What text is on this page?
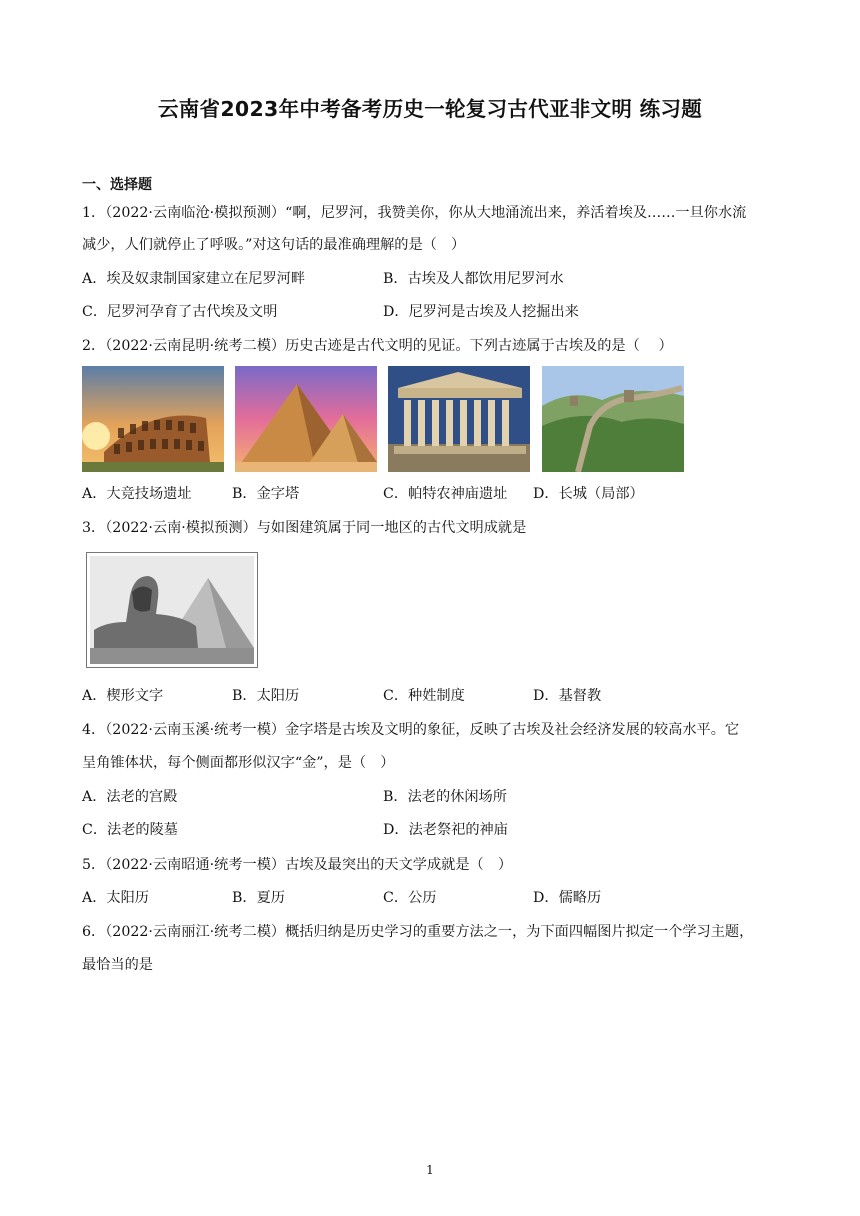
云南省2023年中考备考历史一轮复习古代亚非文明 练习题
一、选择题
1．（2022·云南临沧·模拟预测）“啊，尼罗河，我赞美你，你从大地涌流出来，养活着埃及……一旦你水流
减少，人们就停止了呼吸。”对这句话的最准确理解的是（　）
A．埃及奴隶制国家建立在尼罗河畔	B．古埃及人都饮用尼罗河水
C．尼罗河孕育了古代埃及文明	D．尼罗河是古埃及人挖掘出来
2．（2022·云南昆明·统考二模）历史古迹是古代文明的见证。下列古迹属于古埃及的是（　 ）
A．大竞技场遗址	B．金字塔	C．帕特农神庙遗址 D．长城（局部）
3．（2022·云南·模拟预测）与如图建筑属于同一地区的古代文明成就是
A．楔形文字	B．太阳历	C．种姓制度	D．基督教
4．（2022·云南玉溪·统考一模）金字塔是古埃及文明的象征，反映了古埃及社会经济发展的较高水平。它
呈角锥体状，每个侧面都形似汉字“金”，是（　）
A．法老的宫殿	B．法老的休闲场所
C．法老的陵墓	D．法老祭祀的神庙
5．（2022·云南昭通·统考一模）古埃及最突出的天文学成就是（　）
A．太阳历	B．夏历	C．公历	D．儒略历
6．（2022·云南丽江·统考二模）概括归纳是历史学习的重要方法之一，为下面四幅图片拟定一个学习主题，
最恰当的是
1
